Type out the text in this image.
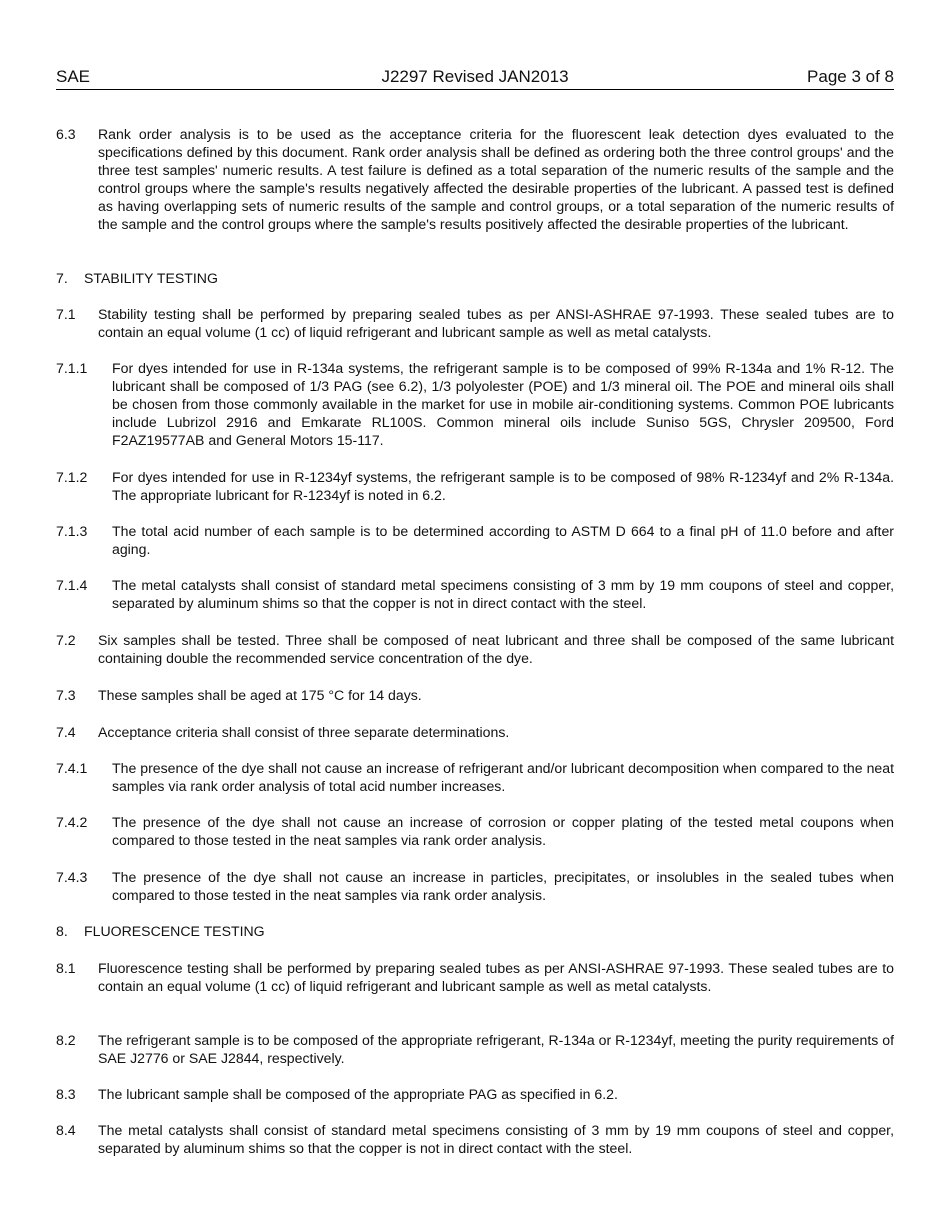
SAE	J2297 Revised JAN2013	Page 3 of 8
6.3 Rank order analysis is to be used as the acceptance criteria for the fluorescent leak detection dyes evaluated to the specifications defined by this document. Rank order analysis shall be defined as ordering both the three control groups' and the three test samples' numeric results. A test failure is defined as a total separation of the numeric results of the sample and the control groups where the sample's results negatively affected the desirable properties of the lubricant. A passed test is defined as having overlapping sets of numeric results of the sample and control groups, or a total separation of the numeric results of the sample and the control groups where the sample's results positively affected the desirable properties of the lubricant.
7. STABILITY TESTING
7.1 Stability testing shall be performed by preparing sealed tubes as per ANSI-ASHRAE 97-1993. These sealed tubes are to contain an equal volume (1 cc) of liquid refrigerant and lubricant sample as well as metal catalysts.
7.1.1 For dyes intended for use in R-134a systems, the refrigerant sample is to be composed of 99% R-134a and 1% R-12. The lubricant shall be composed of 1/3 PAG (see 6.2), 1/3 polyolester (POE) and 1/3 mineral oil. The POE and mineral oils shall be chosen from those commonly available in the market for use in mobile air-conditioning systems. Common POE lubricants include Lubrizol 2916 and Emkarate RL100S. Common mineral oils include Suniso 5GS, Chrysler 209500, Ford F2AZ19577AB and General Motors 15-117.
7.1.2 For dyes intended for use in R-1234yf systems, the refrigerant sample is to be composed of 98% R-1234yf and 2% R-134a. The appropriate lubricant for R-1234yf is noted in 6.2.
7.1.3 The total acid number of each sample is to be determined according to ASTM D 664 to a final pH of 11.0 before and after aging.
7.1.4 The metal catalysts shall consist of standard metal specimens consisting of 3 mm by 19 mm coupons of steel and copper, separated by aluminum shims so that the copper is not in direct contact with the steel.
7.2 Six samples shall be tested. Three shall be composed of neat lubricant and three shall be composed of the same lubricant containing double the recommended service concentration of the dye.
7.3 These samples shall be aged at 175 °C for 14 days.
7.4 Acceptance criteria shall consist of three separate determinations.
7.4.1 The presence of the dye shall not cause an increase of refrigerant and/or lubricant decomposition when compared to the neat samples via rank order analysis of total acid number increases.
7.4.2 The presence of the dye shall not cause an increase of corrosion or copper plating of the tested metal coupons when compared to those tested in the neat samples via rank order analysis.
7.4.3 The presence of the dye shall not cause an increase in particles, precipitates, or insolubles in the sealed tubes when compared to those tested in the neat samples via rank order analysis.
8. FLUORESCENCE TESTING
8.1 Fluorescence testing shall be performed by preparing sealed tubes as per ANSI-ASHRAE 97-1993. These sealed tubes are to contain an equal volume (1 cc) of liquid refrigerant and lubricant sample as well as metal catalysts.
8.2 The refrigerant sample is to be composed of the appropriate refrigerant, R-134a or R-1234yf, meeting the purity requirements of SAE J2776 or SAE J2844, respectively.
8.3 The lubricant sample shall be composed of the appropriate PAG as specified in 6.2.
8.4 The metal catalysts shall consist of standard metal specimens consisting of 3 mm by 19 mm coupons of steel and copper, separated by aluminum shims so that the copper is not in direct contact with the steel.
